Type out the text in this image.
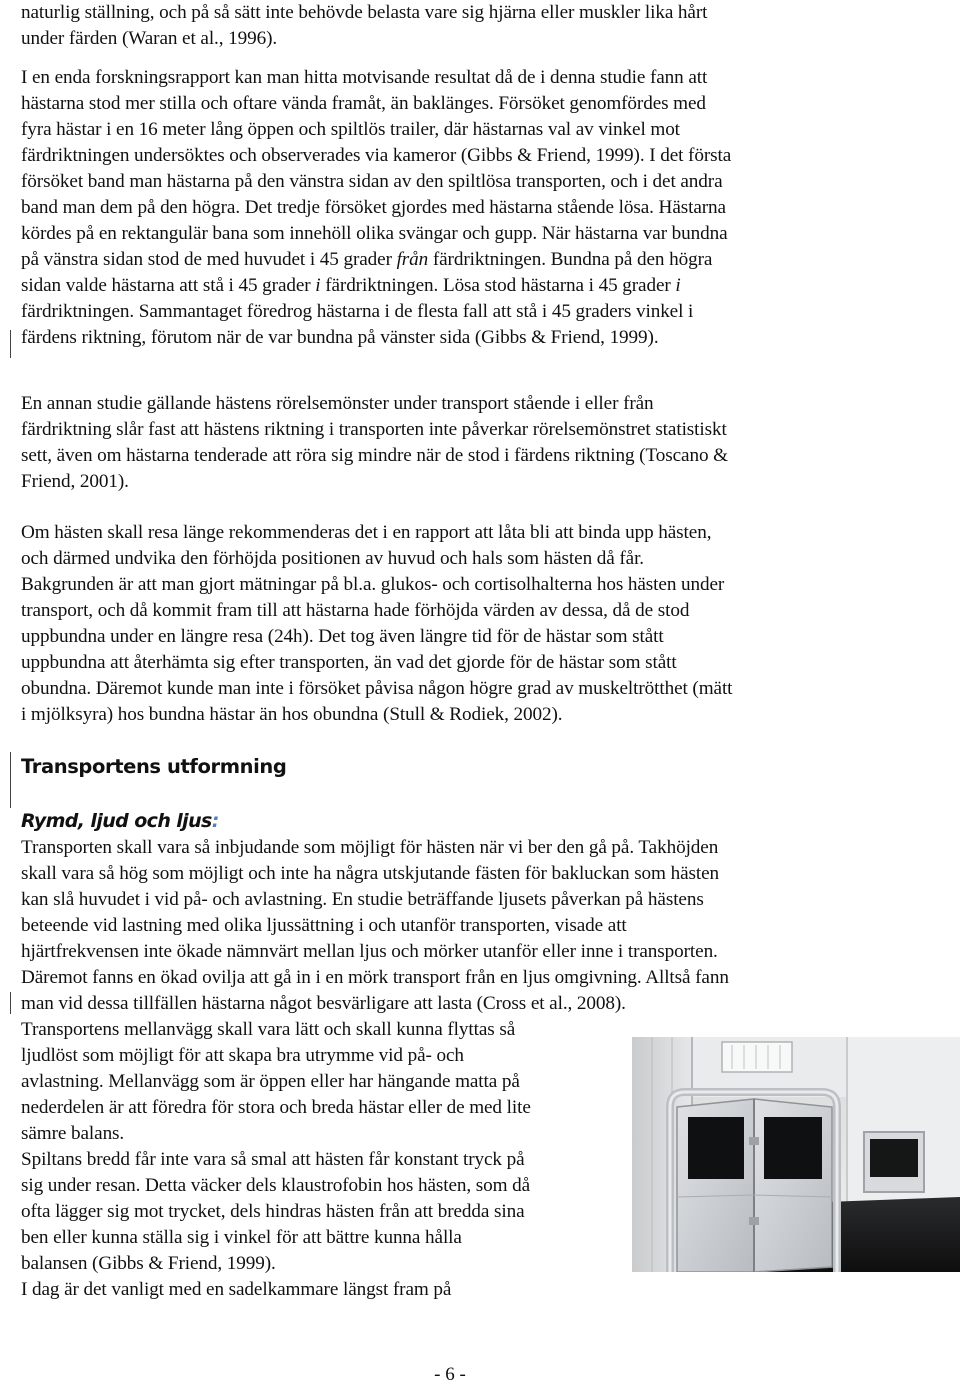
naturlig ställning, och på så sätt inte behövde belasta vare sig hjärna eller muskler lika hårt
under färden (Waran et al., 1996).
I en enda forskningsrapport kan man hitta motvisande resultat då de i denna studie fann att
hästarna stod mer stilla och oftare vända framåt, än baklänges. Försöket genomfördes med
fyra hästar i en 16 meter lång öppen och spiltlös trailer, där hästarnas val av vinkel mot
färdriktningen undersöktes och observerades via kameror (Gibbs & Friend, 1999). I det första
försöket band man hästarna på den vänstra sidan av den spiltlösa transporten, och i det andra
band man dem på den högra. Det tredje försöket gjordes med hästarna stående lösa. Hästarna
kördes på en rektangulär bana som innehöll olika svängar och gupp. När hästarna var bundna
på vänstra sidan stod de med huvudet i 45 grader från färdriktningen. Bundna på den högra
sidan valde hästarna att stå i 45 grader i färdriktningen. Lösa stod hästarna i 45 grader i
färdriktningen. Sammantaget föredrog hästarna i de flesta fall att stå i 45 graders vinkel i
färdens riktning, förutom när de var bundna på vänster sida (Gibbs & Friend, 1999).
En annan studie gällande hästens rörelsemönster under transport stående i eller från
färdriktning slår fast att hästens riktning i transporten inte påverkar rörelsemönstret statistiskt
sett, även om hästarna tenderade att röra sig mindre när de stod i färdens riktning (Toscano &
Friend, 2001).
Om hästen skall resa länge rekommenderas det i en rapport att låta bli att binda upp hästen,
och därmed undvika den förhöjda positionen av huvud och hals som hästen då får.
Bakgrunden är att man gjort mätningar på bl.a. glukos- och cortisolhalterna hos hästen under
transport, och då kommit fram till att hästarna hade förhöjda värden av dessa, då de stod
uppbundna under en längre resa (24h). Det tog även längre tid för de hästar som stått
uppbundna att återhämta sig efter transporten, än vad det gjorde för de hästar som stått
obundna. Däremot kunde man inte i försöket påvisa någon högre grad av muskeltrötthet (mätt
i mjölksyra) hos bundna hästar än hos obundna (Stull & Rodiek, 2002).
Transportens utformning
Rymd, ljud och ljus:
Transporten skall vara så inbjudande som möjligt för hästen när vi ber den gå på. Takhöjden
skall vara så hög som möjligt och inte ha några utskjutande fästen för bakluckan som hästen
kan slå huvudet i vid på- och avlastning. En studie beträffande ljusets påverkan på hästens
beteende vid lastning med olika ljussättning i och utanför transporten, visade att
hjärtfrekvensen inte ökade nämnvärt mellan ljus och mörker utanför eller inne i transporten.
Däremot fanns en ökad ovilja att gå in i en mörk transport från en ljus omgivning. Alltså fann
man vid dessa tillfällen hästarna något besvärligare att lasta (Cross et al., 2008).
Transportens mellanvägg skall vara lätt och skall kunna flyttas så
ljudlöst som möjligt för att skapa bra utrymme vid på- och
avlastning. Mellanvägg som är öppen eller har hängande matta på
nederdelen är att föredra för stora och breda hästar eller de med lite
sämre balans.
Spiltans bredd får inte vara så smal att hästen får konstant tryck på
sig under resan. Detta väcker dels klaustrofobin hos hästen, som då
ofta lägger sig mot trycket, dels hindras hästen från att bredda sina
ben eller kunna ställa sig i vinkel för att bättre kunna hålla
balansen (Gibbs & Friend, 1999).
I dag är det vanligt med en sadelkammare längst fram på
- 6 -
